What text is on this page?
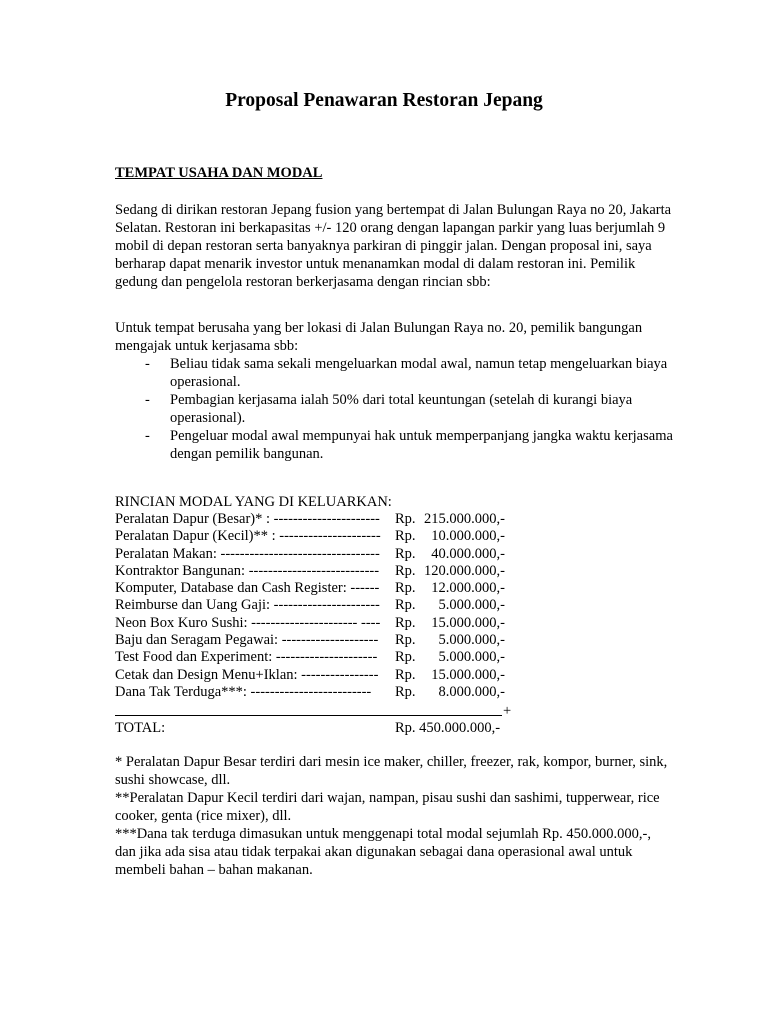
Proposal Penawaran Restoran Jepang
TEMPAT USAHA DAN MODAL

Sedang di dirikan restoran Jepang fusion yang bertempat di Jalan Bulungan Raya no 20, Jakarta Selatan. Restoran ini berkapasitas +/- 120 orang dengan lapangan parkir yang luas berjumlah 9 mobil di depan restoran serta banyaknya parkiran di pinggir jalan. Dengan proposal ini, saya berharap dapat menarik investor untuk menanamkan modal di dalam restoran ini. Pemilik gedung dan pengelola restoran berkerjasama dengan rincian sbb:

Untuk tempat berusaha yang ber lokasi di Jalan Bulungan Raya no. 20, pemilik bangungan mengajak untuk kerjasama sbb:

- Beliau tidak sama sekali mengeluarkan modal awal, namun tetap mengeluarkan biaya operasional.
- Pembagian kerjasama ialah 50% dari total keuntungan (setelah di kurangi biaya operasional).
- Pengeluar modal awal mempunyai hak untuk memperpanjang jangka waktu kerjasama dengan pemilik bangunan.
RINCIAN MODAL YANG DI KELUARKAN:
Peralatan Dapur (Besar)* : ---------------------- Rp. 215.000.000,-
Peralatan Dapur (Kecil)** : --------------------- Rp.	10.000.000,-
Peralatan Makan: --------------------------------- Rp.	40.000.000,-
Kontraktor Bangunan: --------------------------- Rp. 120.000.000,-
Komputer, Database dan Cash Register: ------ Rp.	12.000.000,-
Reimburse dan Uang Gaji: ---------------------- Rp.	5.000.000,-
Neon Box Kuro Sushi: ---------------------- ---- Rp.	15.000.000,-
Baju dan Seragam Pegawai: -------------------- Rp.	5.000.000,-
Test Food dan Experiment: --------------------- Rp.	5.000.000,-
Cetak dan Design Menu+Iklan: ---------------- Rp.	15.000.000,-
Dana Tak Terduga***: ------------------------- Rp.	8.000.000,-
+
TOTAL:	Rp. 450.000.000,-
* Peralatan Dapur Besar terdiri dari mesin ice maker, chiller, freezer, rak, kompor, burner, sink, sushi showcase, dll.
**Peralatan Dapur Kecil terdiri dari wajan, nampan, pisau sushi dan sashimi, tupperwear, rice cooker, genta (rice mixer), dll.
***Dana tak terduga dimasukan untuk menggenapi total modal sejumlah Rp. 450.000.000,-, dan jika ada sisa atau tidak terpakai akan digunakan sebagai dana operasional awal untuk membeli bahan – bahan makanan.
